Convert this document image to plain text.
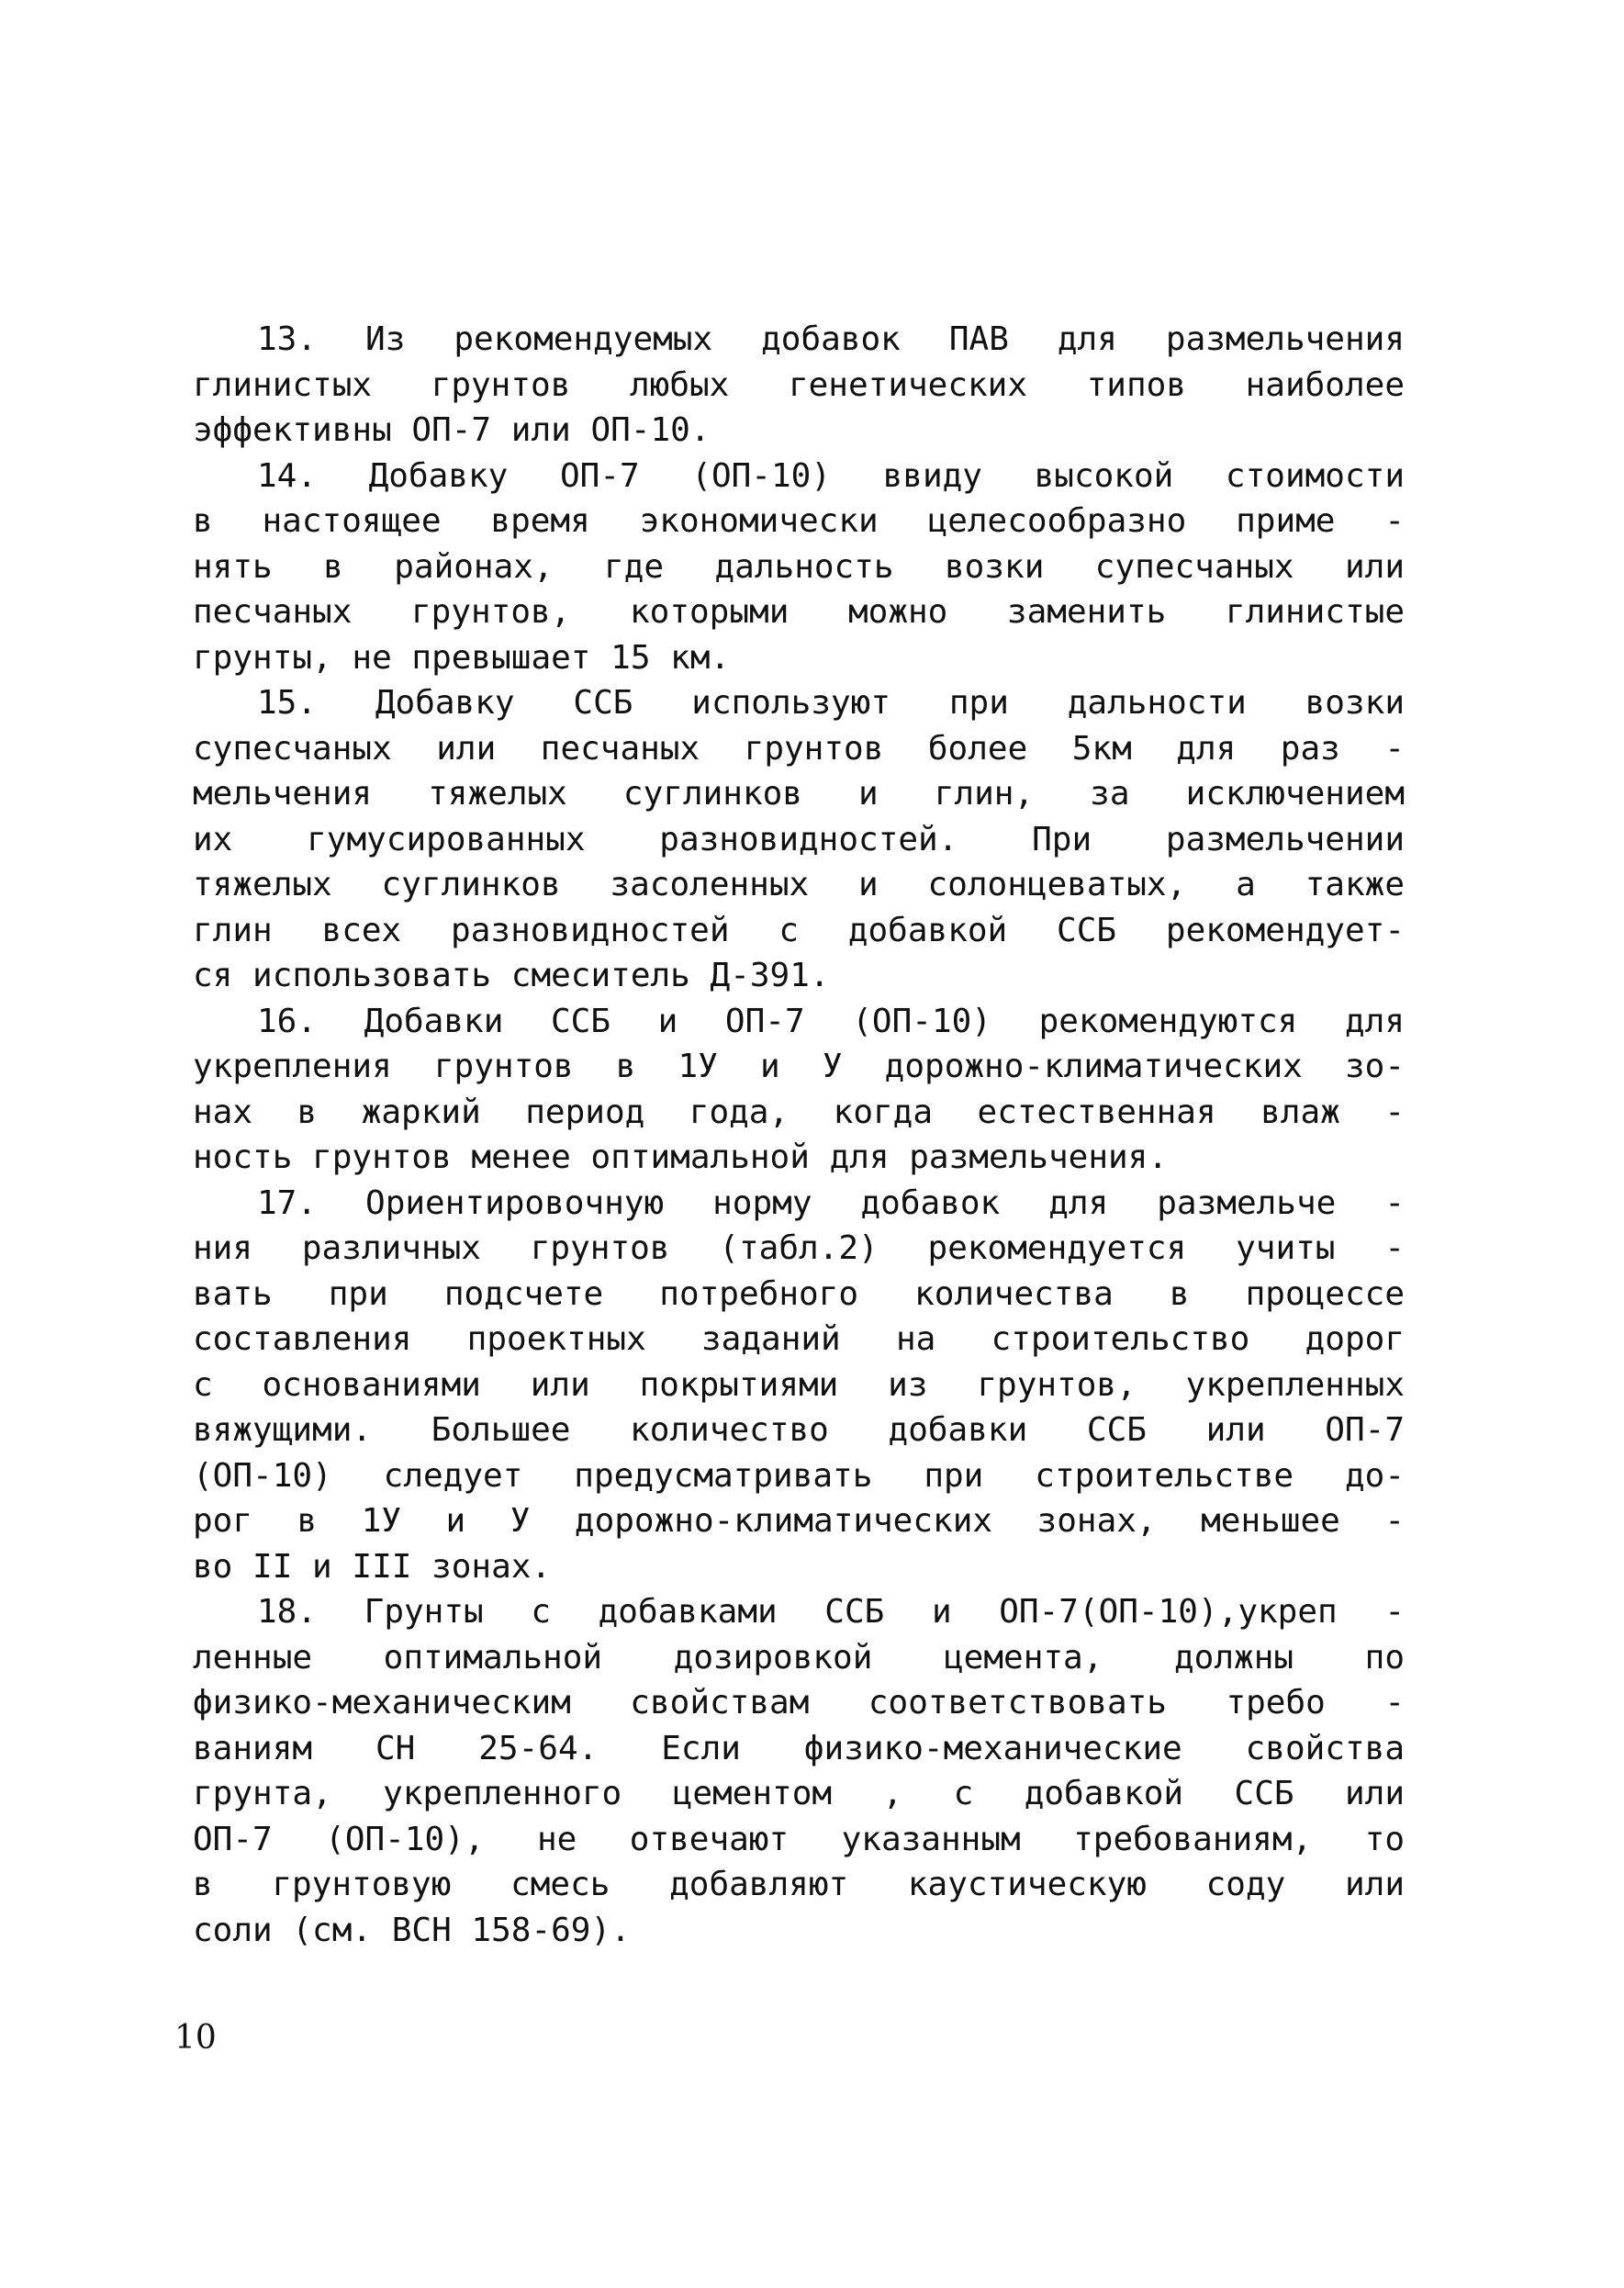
13. Из рекомендуемых добавок ПАВ для размельчения
глинистых грунтов любых генетических типов наиболее
эффективны ОП-7 или ОП-10.
14. Добавку ОП-7 (ОП-10) ввиду высокой стоимости
в настоящее время экономически целесообразно приме -
нять в районах, где дальность возки супесчаных или
песчаных грунтов, которыми можно заменить глинистые
грунты, не превышает 15 км.
15. Добавку ССБ используют при дальности возки
супесчаных или песчаных грунтов более 5км для раз -
мельчения тяжелых суглинков и глин, за исключением
их гумусированных разновидностей. При размельчении
тяжелых суглинков засоленных и солонцеватых, а также
глин всех разновидностей с добавкой ССБ рекомендует-
ся использовать смеситель Д-391.
16. Добавки ССБ и ОП-7 (ОП-10) рекомендуются для
укрепления грунтов в 1У и У дорожно-климатических зо-
нах в жаркий период года, когда естественная влаж -
ность грунтов менее оптимальной для размельчения.
17. Ориентировочную норму добавок для размельче -
ния различных грунтов (табл.2) рекомендуется учиты -
вать при подсчете потребного количества в процессе
составления проектных заданий на строительство дорог
с основаниями или покрытиями из грунтов, укрепленных
вяжущими. Большее количество добавки ССБ или ОП-7
(ОП-10) следует предусматривать при строительстве до-
рог в 1У и У дорожно-климатических зонах, меньшее -
во II и III зонах.
18. Грунты с добавками ССБ и ОП-7(ОП-10),укреп -
ленные оптимальной дозировкой цемента, должны по
физико-механическим свойствам соответствовать требо -
ваниям СН 25-64. Если физико-механические свойства
грунта, укрепленного цементом , с добавкой ССБ или
ОП-7 (ОП-10), не отвечают указанным требованиям, то
в грунтовую смесь добавляют каустическую соду или
соли (см. ВСН 158-69).
10
